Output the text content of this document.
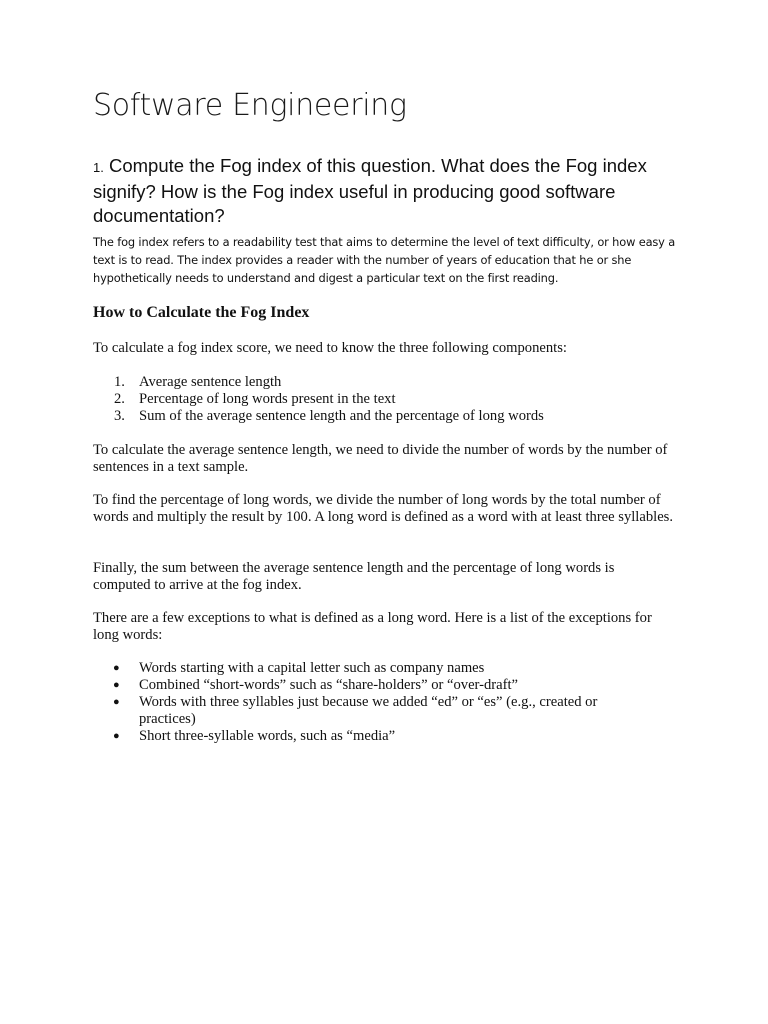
Software Engineering
1. Compute the Fog index of this question. What does the Fog index signify? How is the Fog index useful in producing good software documentation?
The fog index refers to a readability test that aims to determine the level of text difficulty, or how easy a text is to read. The index provides a reader with the number of years of education that he or she hypothetically needs to understand and digest a particular text on the first reading.
How to Calculate the Fog Index
To calculate a fog index score, we need to know the three following components:
1. Average sentence length
2. Percentage of long words present in the text
3. Sum of the average sentence length and the percentage of long words
To calculate the average sentence length, we need to divide the number of words by the number of sentences in a text sample.
To find the percentage of long words, we divide the number of long words by the total number of words and multiply the result by 100. A long word is defined as a word with at least three syllables.
Finally, the sum between the average sentence length and the percentage of long words is computed to arrive at the fog index.
There are a few exceptions to what is defined as a long word. Here is a list of the exceptions for long words:
● Words starting with a capital letter such as company names
● Combined “short-words” such as “share-holders” or “over-draft”
● Words with three syllables just because we added “ed” or “es” (e.g., created or practices)
● Short three-syllable words, such as “media”
